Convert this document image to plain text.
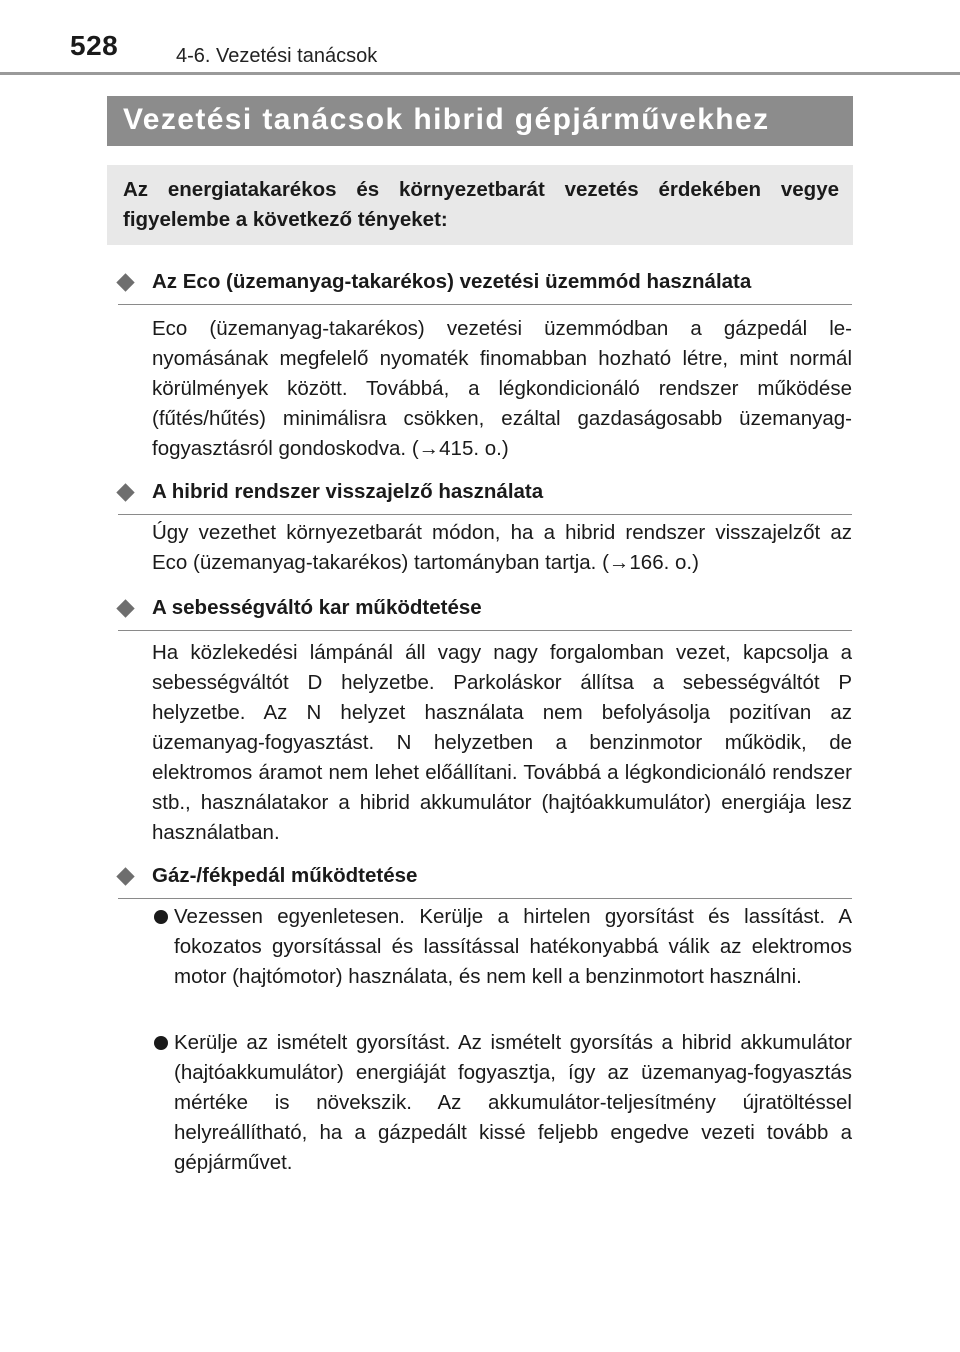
528	4-6. Vezetési tanácsok
Vezetési tanácsok hibrid gépjárművekhez
Az energiatakarékos és környezetbarát vezetés érdekében vegye figyelembe a következő tényeket:
Az Eco (üzemanyag-takarékos) vezetési üzemmód használata
Eco (üzemanyag-takarékos) vezetési üzemmódban a gázpedál lenyomásának megfelelő nyomaték finomabban hozható létre, mint normál körülmények között. Továbbá, a légkondicionáló rendszer működése (fűtés/hűtés) minimálisra csökken, ezáltal gazdaságosabb üzemanyag-fogyasztásról gondoskodva. (→415. o.)
A hibrid rendszer visszajelző használata
Úgy vezethet környezetbarát módon, ha a hibrid rendszer visszajelzőt az Eco (üzemanyag-takarékos) tartományban tartja. (→166. o.)
A sebességváltó kar működtetése
Ha közlekedési lámpánál áll vagy nagy forgalomban vezet, kapcsolja a sebességváltót D helyzetbe. Parkoláskor állítsa a sebességváltót P helyzetbe. Az N helyzet használata nem befolyásolja pozitívan az üzemanyag-fogyasztást. N helyzetben a benzinmotor működik, de elektromos áramot nem lehet előállítani. Továbbá a légkondicionáló rendszer stb., használatakor a hibrid akkumulátor (hajtóakkumulátor) energiája lesz használatban.
Gáz-/fékpedál működtetése
Vezessen egyenletesen. Kerülje a hirtelen gyorsítást és lassítást. A fokozatos gyorsítással és lassítással hatékonyabbá válik az elektromos motor (hajtómotor) használata, és nem kell a benzinmotort használni.
Kerülje az ismételt gyorsítást. Az ismételt gyorsítás a hibrid akkumulátor (hajtóakkumulátor) energiáját fogyasztja, így az üzemanyag-fogyasztás mértéke is növekszik. Az akkumulátor-teljesítmény újratöltéssel helyreállítható, ha a gázpedált kissé feljebb engedve vezeti tovább a gépjárművet.
